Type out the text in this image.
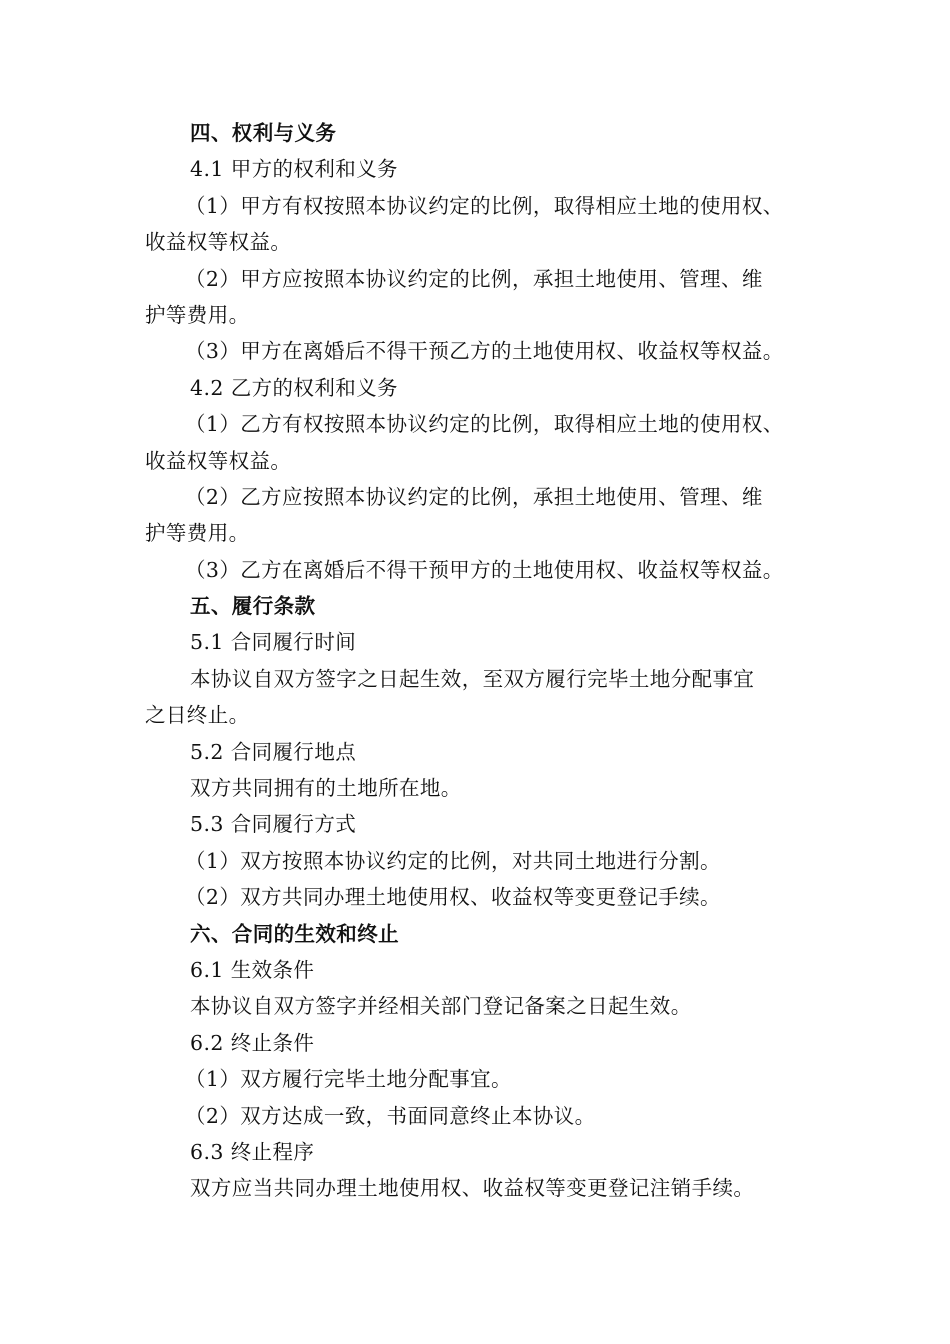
四、权利与义务
4.1 甲方的权利和义务
（1）甲方有权按照本协议约定的比例，取得相应土地的使用权、
收益权等权益。
（2）甲方应按照本协议约定的比例，承担土地使用、管理、维
护等费用。
（3）甲方在离婚后不得干预乙方的土地使用权、收益权等权益。
4.2 乙方的权利和义务
（1）乙方有权按照本协议约定的比例，取得相应土地的使用权、
收益权等权益。
（2）乙方应按照本协议约定的比例，承担土地使用、管理、维
护等费用。
（3）乙方在离婚后不得干预甲方的土地使用权、收益权等权益。
五、履行条款
5.1 合同履行时间
本协议自双方签字之日起生效，至双方履行完毕土地分配事宜
之日终止。
5.2 合同履行地点
双方共同拥有的土地所在地。
5.3 合同履行方式
（1）双方按照本协议约定的比例，对共同土地进行分割。
（2）双方共同办理土地使用权、收益权等变更登记手续。
六、合同的生效和终止
6.1 生效条件
本协议自双方签字并经相关部门登记备案之日起生效。
6.2 终止条件
（1）双方履行完毕土地分配事宜。
（2）双方达成一致，书面同意终止本协议。
6.3 终止程序
双方应当共同办理土地使用权、收益权等变更登记注销手续。
